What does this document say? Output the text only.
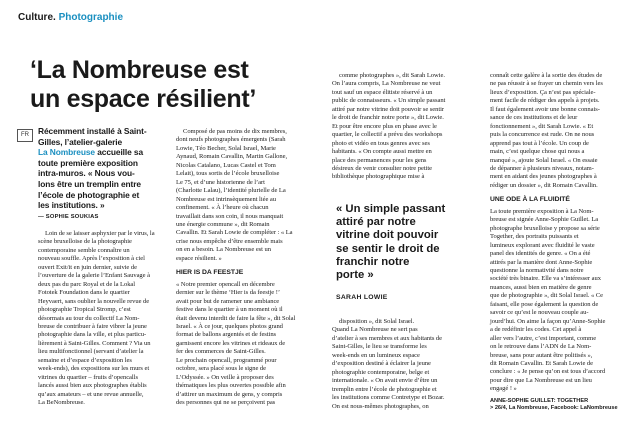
Culture. Photographie
‘La Nombreuse est
un espace résilient’
FR	Récemment installé à Saint-
Gilles, l’atelier-galerie
La Nombreuse accueille sa
toute première exposition
intra-muros. « Nous vou-
lons être un tremplin entre
l’école de photographie et
les institutions. »
— SOPHIE SOUKIAS
Loin de se laisser asphyxier par le virus, la
scène bruxelloise de la photographie
contemporaine semble connaître un
nouveau souffle. Après l’exposition à ciel
ouvert Exit/it en juin dernier, suivie de
l’ouverture de la galerie l’Enfant Sauvage à
deux pas du parc Royal et de la Lokal
Fototek Foundation dans le quartier
Heyvaert, sans oublier la nouvelle revue de
photographie Tropical Stromp, c’est
désormais au tour du collectif La Nom-
breuse de contribuer à faire vibrer la jeune
photographie dans la ville, et plus particu-
lièrement à Saint-Gilles. Comment ? Via un
lieu multifonctionnel (servant d’atelier la
semaine et d’espace d’exposition les
week-ends), des expositions sur les murs et
vitrines du quartier – fruits d’opencalls
lancés aussi bien aux photographes établis
qu’aux amateurs – et une revue annuelle,
La BeNombreuse.
Composé de pas moins de dix membres,
dont neufs photographes émergents (Sarah
Lowie, Téo Becher, Solal Israel, Marie
Aynaud, Romain Cavallin, Martin Gallone,
Nicolas Catalano, Lucas Castel et Tom
Lelait), tous sortis de l’école bruxelloise
Le 75, et d’une historienne de l’art
(Charlotte Lalau), l’identité plurielle de La
Nombreuse est intrinsèquement liée au
confinement. « À l’heure où chacun
travaillait dans son coin, il nous manquait
une énergie commune », dit Romain
Cavallin. Et Sarah Lowie de compléter : « La
crise nous empêche d’être ensemble mais
on en a besoin. La Nombreuse est un
espace résilient. »
HIER IS DA FEESTJE
« Notre premier opencall en décembre
dernier sur le thème ‘Hier is da feestje !’
avait pour but de ramener une ambiance
festive dans le quartier à un moment où il
était devenu interdit de faire la fête », dit Solal
Israel. « À ce jour, quelques photos grand
format de ballons argentés et de festins
garnissent encore les vitrines et rideaux de
fer des commerces de Saint-Gilles.
Le prochain opencall, programmé pour
octobre, sera placé sous le signe de
L’Odyssée. » On veille à proposer des
thématiques les plus ouvertes possible afin
d’attirer un maximum de gens, y compris
des personnes qui ne se perçoivent pas
comme photographes », dit Sarah Lowie.
On l’aura compris, La Nombreuse ne veut
tout sauf un espace élitiste réservé à un
public de connaisseurs. « Un simple passant
attiré par notre vitrine doit pouvoir se sentir
le droit de franchir notre porte », dit Lowie.
Et pour être encore plus en phase avec le
quartier, le collectif a prévu des workshops
photo et vidéo en tous genres avec ses
habitants. « On compte aussi mettre en
place des permanences pour les gens
désireux de venir consulter notre petite
bibliothèque photographique mise à
« Un simple passant
attiré par notre
vitrine doit pouvoir
se sentir le droit de
franchir notre
porte »
SARAH LOWIE
disposition », dit Solal Israel.
Quand La Nombreuse ne sert pas
d’atelier à ses membres et aux habitants de
Saint-Gilles, le lieu se transforme les
week-ends en un lumineux espace
d’exposition destiné à éclairer la jeune
photographie contemporaine, belge et
internationale. « On avait envie d’être un
tremplin entre l’école de photographie et
les institutions comme Contretype et Bozar.
On est nous-mêmes photographes, on
connaît cette galère à la sortie des études de
ne pas réussir à se frayer un chemin vers les
lieux d’exposition. Ça n’est pas spéciale-
ment facile de rédiger des appels à projets.
Il faut également avoir une bonne connais-
sance de ces institutions et de leur
fonctionnement », dit Sarah Lowie. « Et
puis la concurrence est rude. On ne nous
apprend pas tout à l’école. Un coup de
main, c’est quelque chose qui nous a
manqué », ajoute Solal Israel. « On essaie
de dépanner à plusieurs niveaux, notam-
ment en aidant des jeunes photographes à
rédiger un dossier », dit Romain Cavallin.
UNE ODE À LA FLUIDITÉ
La toute première exposition à La Nom-
breuse est signée Anne-Sophie Guillet. La
photographe bruxelloise y propose sa série
Together, des portraits puissants et
lumineux explorant avec fluidité le vaste
panel des identités de genre. « On a été
attirés par la manière dont Anne-Sophie
questionne la normativité dans notre
société très binaire. Elle va s’intéresser aux
nuances, aussi bien en matière de genre
que de photographie », dit Solal Israel. « Ce
faisant, elle pose également la question de
savoir ce qu’est le nouveau couple au-
jourd’hui. On aime la façon qu’Anne-Sophie
a de redéfinir les codes. Cet appel à
aller vers l’autre, c’est important, comme
on le retrouve dans l’ADN de La Nom-
breuse, sans pour autant être politisés »,
dit Romain Cavallin. Et Sarah Lowie de
conclure : « Je pense qu’on est tous d’accord
pour dire que La Nombreuse est un lieu
engagé ! »
ANNE-SOPHIE GUILLET: TOGETHER
> 26/4, La Nombreuse, Facebook: LaNombreuse
